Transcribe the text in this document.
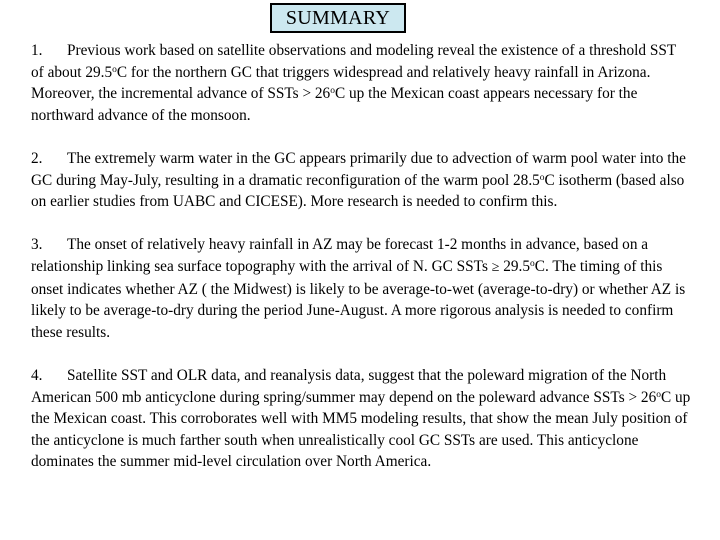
SUMMARY

1. Previous work based on satellite observations and modeling reveal the existence of a threshold SST of about 29.5$^o$C for the northern GC that triggers widespread and relatively heavy rainfall in Arizona. Moreover, the incremental advance of SSTs > $26^oC$ up the Mexican coast appears necessary for the northward advance of the monsoon.

2. The extremely warm water in the GC appears primarily due to advection of warm pool water into the GC during May-July, resulting in a dramatic reconfiguration of the warm pool 28.5$^o$C isotherm (based also on earlier studies from UABC and CICESE). More research is needed to confirm this.

3. The onset of relatively heavy rainfall in AZ may be forecast 1-2 months in advance, based on a relationship linking sea surface topography with the arrival of N. GC SSTs ≥ $29.5^oC$. The timing of this onset indicates whether AZ ( the Midwest) is likely to be average-to-wet (average-to-dry) or whether AZ is likely to be average-to-dry during the period June-August. A more rigorous analysis is needed to confirm these results.

4. Satellite SST and OLR data, and reanalysis data, suggest that the poleward migration of the North American 500 mb anticyclone during spring/summer may depend on the poleward advance SSTs > $26^oC$ up the Mexican coast. This corroborates well with MM5 modeling results, that show the mean July position of the anticyclone is much farther south when unrealistically cool GC SSTs are used. This anticyclone dominates the summer mid-level circulation over North America.
